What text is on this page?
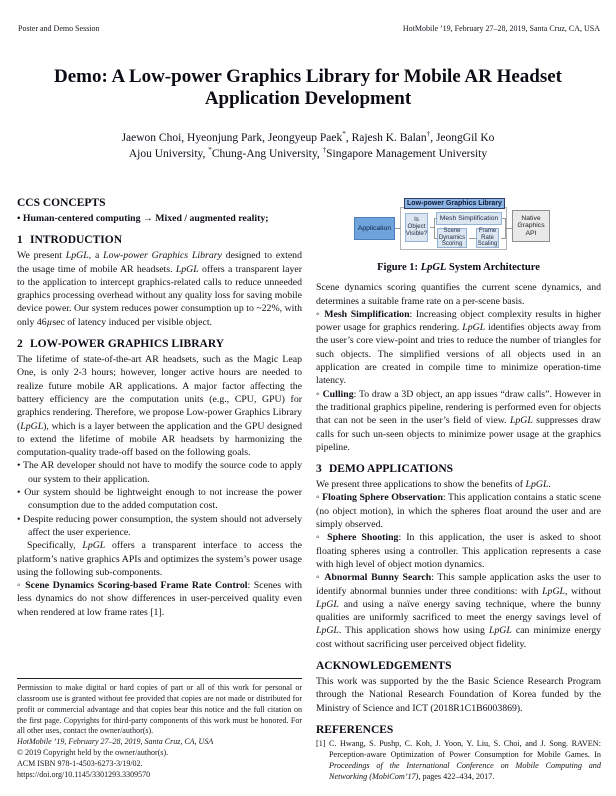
Poster and Demo Session	HotMobile ’19, February 27–28, 2019, Santa Cruz, CA, USA
Demo: A Low-power Graphics Library for Mobile AR Headset
Application Development
Jaewon Choi, Hyeonjung Park, Jeongyeup Paek*, Rajesh K. Balan†, JeongGil Ko
Ajou University, *Chung-Ang University, †Singapore Management University
CCS CONCEPTS

• Human-centered computing → Mixed / augmented reality;

1 INTRODUCTION

We present LpGL, a Low-power Graphics Library designed to extend the usage time of mobile AR headsets. LpGL offers a transparent layer to the application to intercept graphics-related calls to reduce unneeded graphics processing overhead without any quality loss for saving mobile device power. Our system reduces power consumption up to ~22%, with only 46µsec of latency induced per visible object.

2 LOW-POWER GRAPHICS LIBRARY

The lifetime of state-of-the-art AR headsets, such as the Magic Leap One, is only 2-3 hours; however, longer active hours are needed to realize future mobile AR applications. A major factor affecting the battery efficiency are the computation units (e.g., CPU, GPU) for graphics rendering. Therefore, we propose Low-power Graphics Library (LpGL), which is a layer between the application and the GPU designed to extend the lifetime of mobile AR headsets by harmonizing the computation-quality trade-off based on the following goals.

• The AR developer should not have to modify the source code to apply our system to their application.

• Our system should be lightweight enough to not increase the power consumption due to the added computation cost.

• Despite reducing power consumption, the system should not adversely affect the user experience.

Specifically, LpGL offers a transparent interface to access the platform’s native graphics APIs and optimizes the system’s power usage using the following sub-components.

◦ Scene Dynamics Scoring-based Frame Rate Control: Scenes with less dynamics do not show differences in user-perceived quality even when rendered at low frame rates [1].

Permission to make digital or hard copies of part or all of this work for personal or classroom use is granted without fee provided that copies are not made or distributed for profit or commercial advantage and that copies bear this notice and the full citation on the first page. Copyrights for third-party components of this work must be honored. For all other uses, contact the owner/author(s).
HotMobile ’19, February 27–28, 2019, Santa Cruz, CA, USA
© 2019 Copyright held by the owner/author(s).
ACM ISBN 978-1-4503-6273-3/19/02.
https://doi.org/10.1145/3301293.3309570
Application
Low-power Graphics Library
Is Object Visible?
Mesh Simplification
Scene Dynamics Scoring
Frame Rate Scaling
Native Graphics API
Figure 1: LpGL System Architecture

Scene dynamics scoring quantifies the current scene dynamics, and determines a suitable frame rate on a per-scene basis.

◦ Mesh Simplification: Increasing object complexity results in higher power usage for graphics rendering. LpGL identifies objects away from the user’s core view-point and tries to reduce the number of triangles for such objects. The simplified versions of all objects used in an application are created in compile time to minimize operation-time latency.

◦ Culling: To draw a 3D object, an app issues “draw calls”. However in the traditional graphics pipeline, rendering is performed even for objects that can not be seen in the user’s field of view. LpGL suppresses draw calls for such un-seen objects to minimize power usage at the graphics pipeline.

3 DEMO APPLICATIONS

We present three applications to show the benefits of LpGL.

◦ Floating Sphere Observation: This application contains a static scene (no object motion), in which the spheres float around the user and are simply observed.

◦ Sphere Shooting: In this application, the user is asked to shoot floating spheres using a controller. This application represents a case with high level of object motion dynamics.

◦ Abnormal Bunny Search: This sample application asks the user to identify abnormal bunnies under three conditions: with LpGL, without LpGL and using a naïve energy saving technique, where the bunny qualities are uniformly sacrificed to meet the energy savings level of LpGL. This application shows how using LpGL can minimize energy cost without sacrificing user perceived object fidelity.

ACKNOWLEDGEMENTS

This work was supported by the the Basic Science Research Program through the National Research Foundation of Korea funded by the Ministry of Science and ICT (2018R1C1B6003869).

REFERENCES

[1] C. Hwang, S. Pushp, C. Koh, J. Yoon, Y. Liu, S. Choi, and J. Song. RAVEN: Perception-aware Optimization of Power Consumption for Mobile Games. In Proceedings of the International Conference on Mobile Computing and Networking (MobiCom’17), pages 422–434, 2017.
